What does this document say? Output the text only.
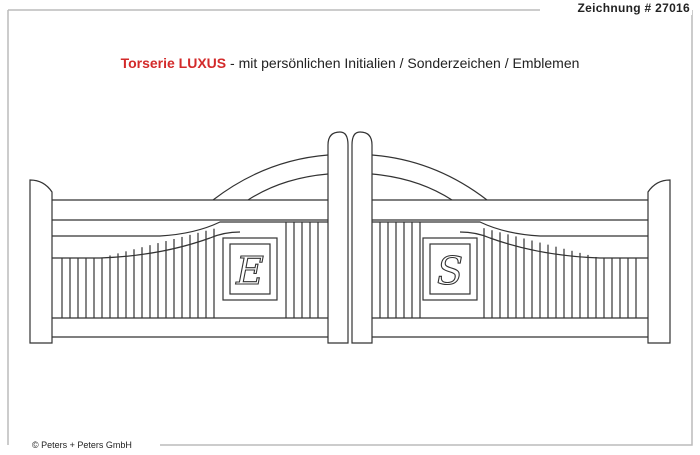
Zeichnung # 27016
Torserie LUXUS - mit persönlichen Initialien / Sonderzeichen / Emblemen
E	S
© Peters + Peters GmbH
